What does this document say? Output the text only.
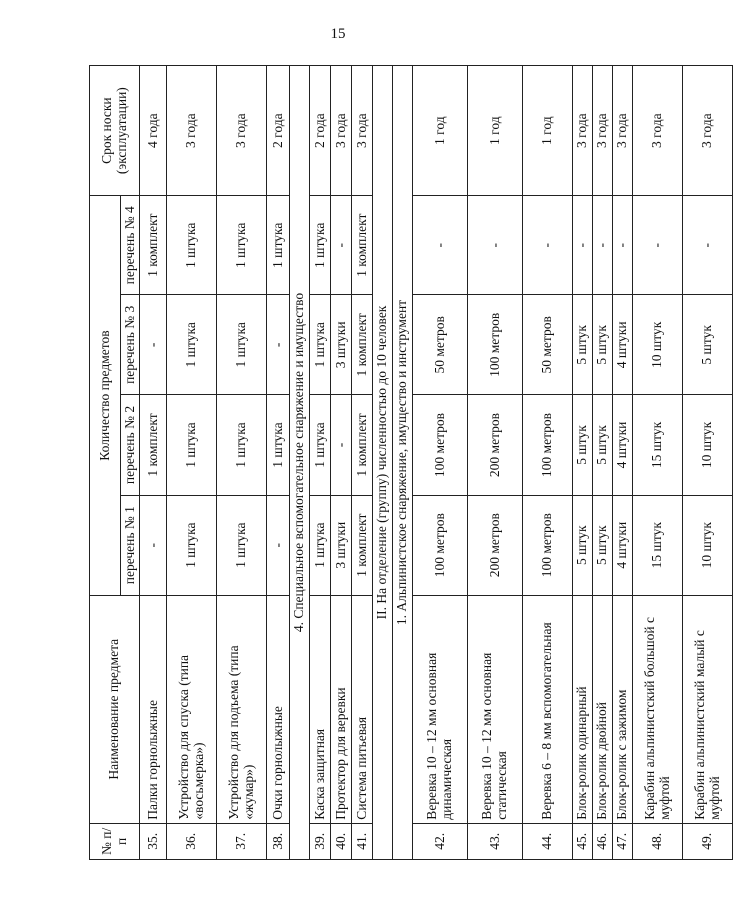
15
№ п/п	Наименование предмета	Количество предметов				Срок носки (эксплуатации)
		перечень № 1	перечень № 2	перечень № 3	перечень № 4	
35.	Палки горнолыжные	-	1 комплект	-	1 комплект	4 года
36.	Устройство для спуска (типа «восьмерка»)	1 штука	1 штука	1 штука	1 штука	3 года
37.	Устройство для подъема (типа «жумар»)	1 штука	1 штука	1 штука	1 штука	3 года
38.	Очки горнолыжные	-	1 штука	-	1 штука	2 года
4. Специальное вспомогательное снаряжение и имущество						
39.	Каска защитная	1 штука	1 штука	1 штука	1 штука	2 года
40.	Протектор для веревки	3 штуки	-	3 штуки	-	3 года
41.	Система питьевая	1 комплект	1 комплект	1 комплект	1 комплект	3 года
II. На отделение (группу) численностью до 10 человек						
1. Альпинистское снаряжение, имущество и инструмент						
42.	Веревка 10 – 12 мм основная динамическая	100 метров	100 метров	50 метров	-	1 год
43.	Веревка 10 – 12 мм основная статическая	200 метров	200 метров	100 метров	-	1 год
44.	Веревка 6 – 8 мм вспомогательная	100 метров	100 метров	50 метров	-	1 год
45.	Блок-ролик одинарный	5 штук	5 штук	5 штук	-	3 года
46.	Блок-ролик двойной	5 штук	5 штук	5 штук	-	3 года
47.	Блок-ролик с зажимом	4 штуки	4 штуки	4 штуки	-	3 года
48.	Карабин альпинистский большой с муфтой	15 штук	15 штук	10 штук	-	3 года
49.	Карабин альпинистский малый с муфтой	10 штук	10 штук	5 штук	-	3 года
